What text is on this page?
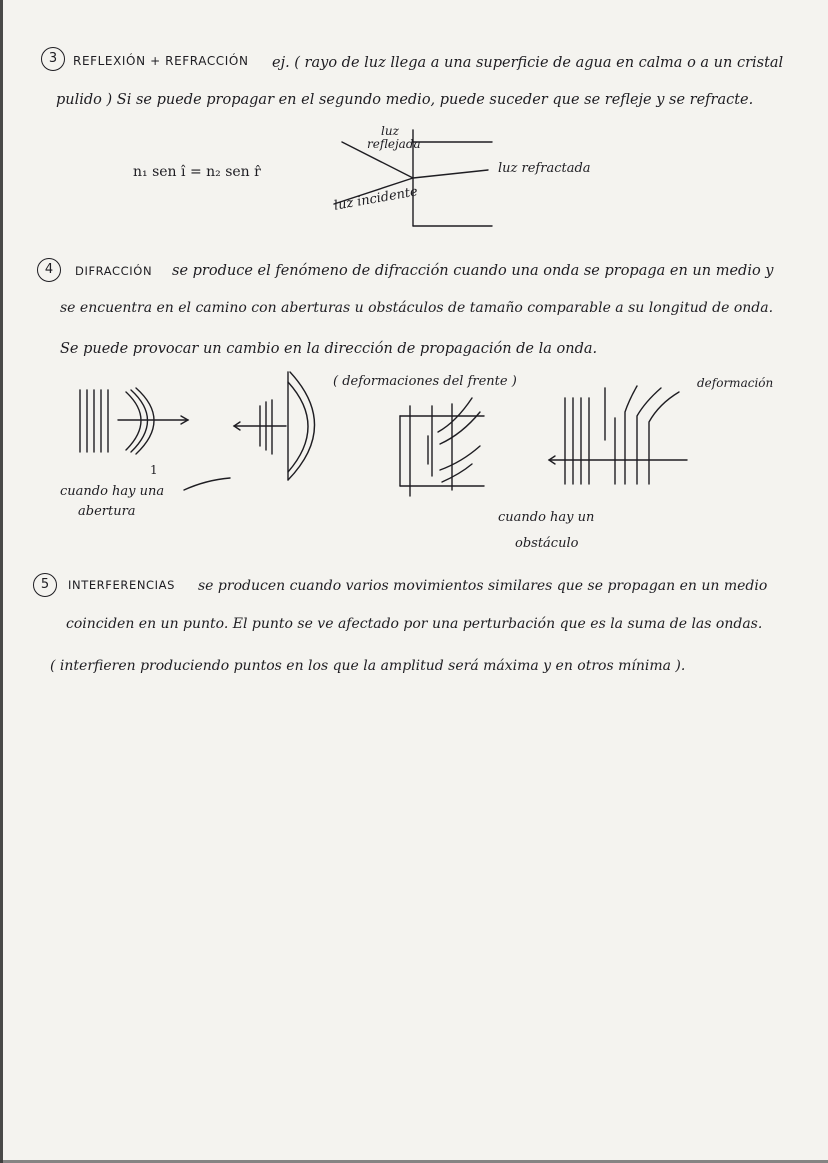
3	REFLEXIÓN + REFRACCIÓN ej. ( rayo de luz llega a una superficie de agua en calma o a un cristal
pulido ) Si se puede propagar en el segundo medio, puede suceder que se refleje y se refracte.
n₁ sen î = n₂ sen r̂
luz
reflejada
luz refractada
luz incidente
4	DIFRACCIÓN se produce el fenómeno de difracción cuando una onda se propaga en un medio y
se encuentra en el camino con aberturas u obstáculos de tamaño comparable a su longitud de onda.
Se puede provocar un cambio en la dirección de propagación de la onda.
1
cuando hay una
abertura
( deformaciones del frente )	deformación
cuando hay un
obstáculo
5	INTERFERENCIAS se producen cuando varios movimientos similares que se propagan en un medio
coinciden en un punto. El punto se ve afectado por una perturbación que es la suma de las ondas.
( interfieren produciendo puntos en los que la amplitud será máxima y en otros mínima ).
